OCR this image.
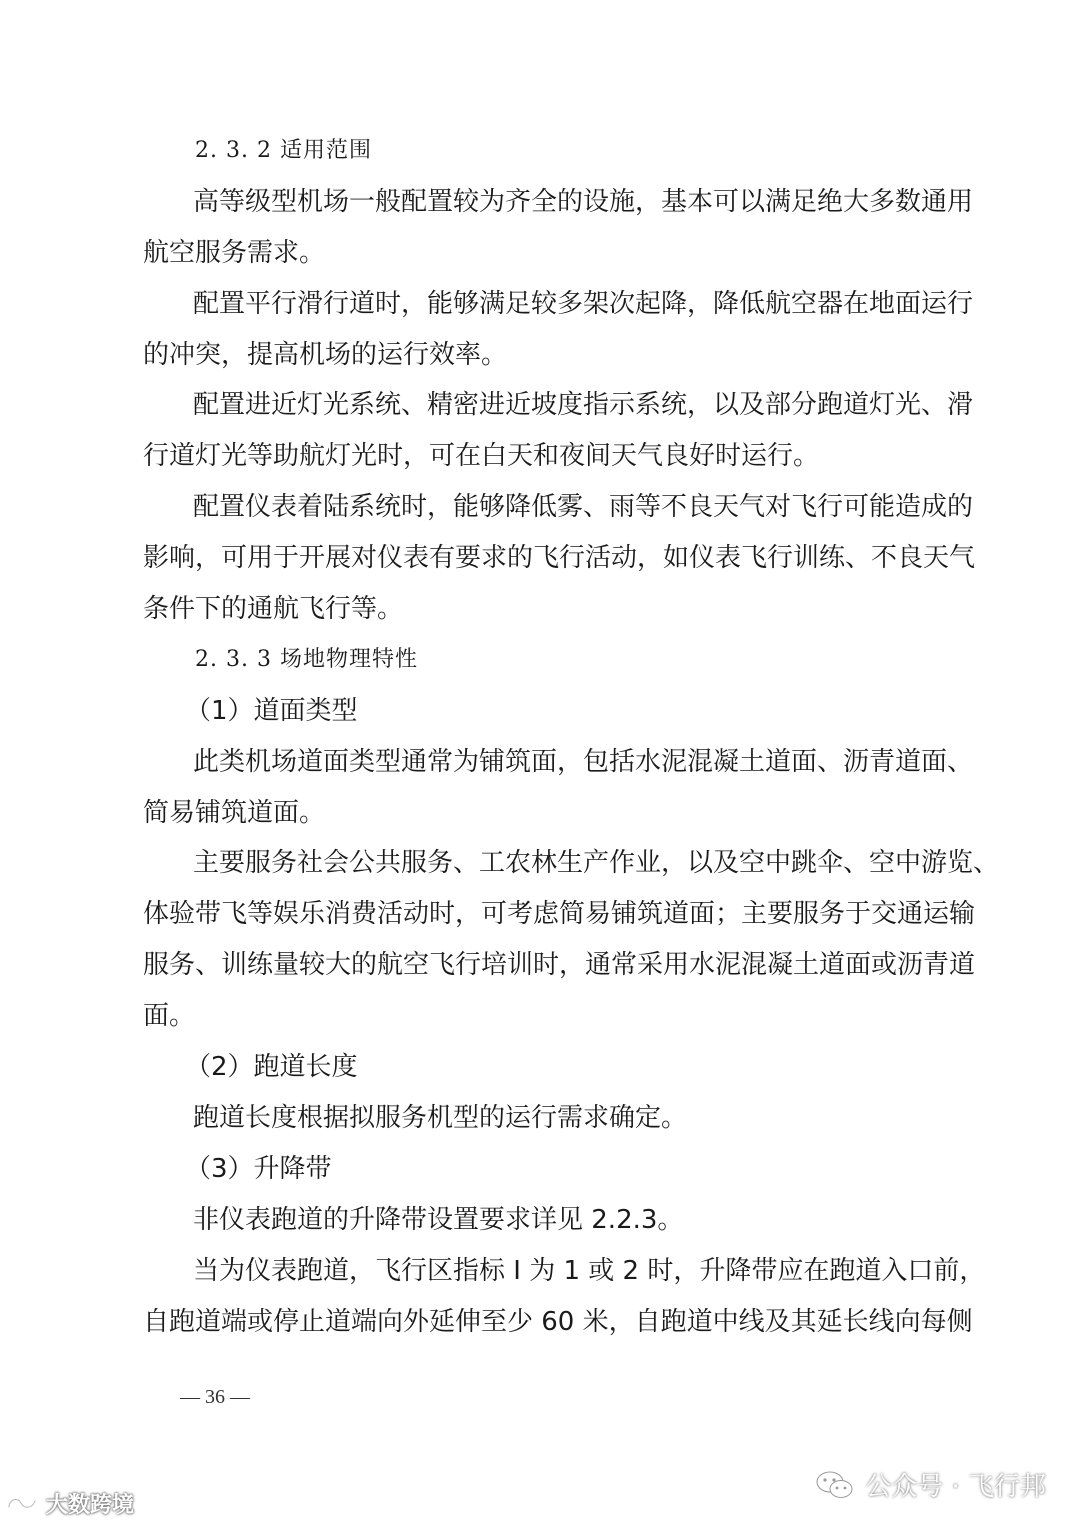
2. 3. 2 适用范围
高等级型机场一般配置较为齐全的设施，基本可以满足绝大多数通用
航空服务需求。
配置平行滑行道时，能够满足较多架次起降，降低航空器在地面运行
的冲突，提高机场的运行效率。
配置进近灯光系统、精密进近坡度指示系统，以及部分跑道灯光、滑
行道灯光等助航灯光时，可在白天和夜间天气良好时运行。
配置仪表着陆系统时，能够降低雾、雨等不良天气对飞行可能造成的
影响，可用于开展对仪表有要求的飞行活动，如仪表飞行训练、不良天气
条件下的通航飞行等。
2. 3. 3 场地物理特性
（1）道面类型
此类机场道面类型通常为铺筑面，包括水泥混凝土道面、沥青道面、
简易铺筑道面。
主要服务社会公共服务、工农林生产作业，以及空中跳伞、空中游览、
体验带飞等娱乐消费活动时，可考虑简易铺筑道面；主要服务于交通运输
服务、训练量较大的航空飞行培训时，通常采用水泥混凝土道面或沥青道
面。
（2）跑道长度
跑道长度根据拟服务机型的运行需求确定。
（3）升降带
非仪表跑道的升降带设置要求详见 2.2.3。
当为仪表跑道，飞行区指标 I 为 1 或 2 时，升降带应在跑道入口前，
自跑道端或停止道端向外延伸至少 60 米，自跑道中线及其延长线向每侧
— 36 —
大数跨境
公众号 · 飞行邦
